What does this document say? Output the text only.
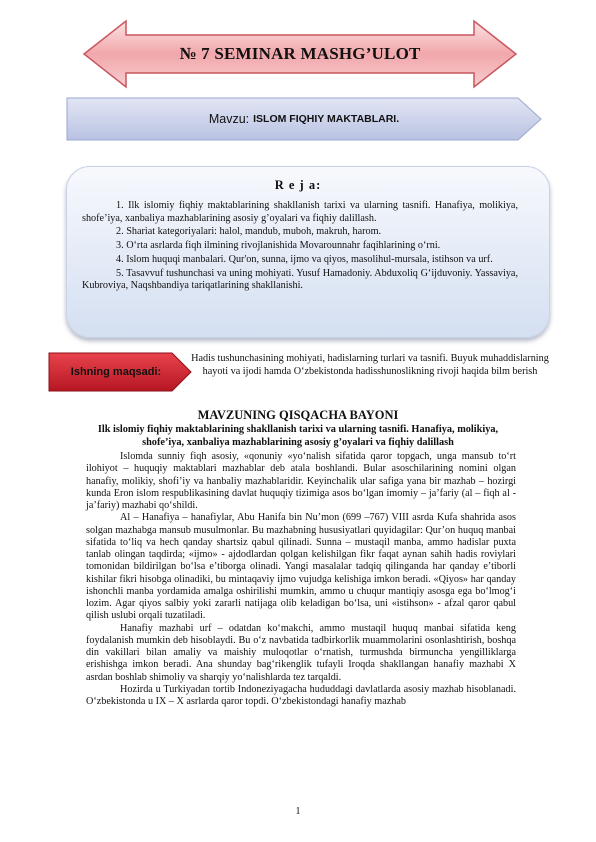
№ 7 SEMINAR MASHG’ULOT
Mavzu: ISLOM FIQHIY MAKTABLARI.
R e j a:

1. Ilk islomiy fiqhiy maktablarining shakllanish tarixi va ularning tasnifi. Hanafiya, molikiya, shofe’iya, xanbaliya mazhablarining asosiy g’oyalari va fiqhiy dalillash.

2. Shariat kategoriyalari: halol, mandub, muboh, makruh, harom.

3. O‘rta asrlarda fiqh ilmining rivojlanishida Movarounnahr faqihlarining o‘rni.

4. Islom huquqi manbalari. Qur'on, sunna, ijmo va qiyos, masolihul-mursala, istihson va urf.

5. Tasavvuf tushunchasi va uning mohiyati. Yusuf Hamadoniy. Abduxoliq G‘ijduvoniy. Yassaviya, Kubroviya, Naqshbandiya tariqatlarining shakllanishi.

Ishning maqsadi:
Hadis tushunchasining mohiyati, hadislarning turlari va tasnifi. Buyuk muhaddislarning hayoti va ijodi hamda O‘zbekistonda hadisshunoslikning rivoji haqida bilm berish
MAVZUNING QISQACHA BAYONI
Ilk islomiy fiqhiy maktablarining shakllanish tarixi va ularning tasnifi. Hanafiya, molikiya, shofe’iya, xanbaliya mazhablarining asosiy g’oyalari va fiqhiy dalillash

Islomda sunniy fiqh asosiy, «qonuniy «yo‘nalish sifatida qaror topgach, unga mansub to‘rt ilohiyot – huquqiy maktablari mazhablar deb atala boshlandi. Bular asoschilarining nomini olgan hanafiy, molikiy, shofi’iy va hanbaliy mazhablaridir. Keyinchalik ular safiga yana bir mazhab – hozirgi kunda Eron islom respublikasining davlat huquqiy tizimiga asos bo‘lgan imomiy – ja’fariy (al – fiqh al - ja’fariy) mazhabi qo‘shildi.

Al – Hanafiya – hanafiylar, Abu Hanifa bin Nu’mon (699 –767) VIII asrda Kufa shahrida asos solgan mazhabga mansub musulmonlar. Bu mazhabning hususiyatlari quyidagilar: Qur’on huquq manbai sifatida to‘liq va hech qanday shartsiz qabul qilinadi. Sunna – mustaqil manba, ammo hadislar puxta tanlab olingan taqdirda; «ijmo» - ajdodlardan qolgan kelishilgan fikr faqat aynan sahih hadis roviylari tomonidan bildirilgan bo‘lsa e’tiborga olinadi. Yangi masalalar tadqiq qilinganda har qanday e’tiborli kishilar fikri hisobga olinadiki, bu mintaqaviy ijmo vujudga kelishiga imkon beradi. «Qiyos» har qanday ishonchli manba yordamida amalga oshirilishi mumkin, ammo u chuqur mantiqiy asosga ega bo‘lmog‘i lozim. Agar qiyos salbiy yoki zararli natijaga olib keladigan bo‘lsa, uni «istihson» - afzal qaror qabul qilish uslubi orqali tuzatiladi.

Hanafiy mazhabi urf – odatdan ko‘makchi, ammo mustaqil huquq manbai sifatida keng foydalanish mumkin deb hisoblaydi. Bu o‘z navbatida tadbirkorlik muammolarini osonlashtirish, boshqa din vakillari bilan amaliy va maishiy muloqotlar o‘rnatish, turmushda birmuncha yengilliklarga erishishga imkon beradi. Ana shunday bag‘rikenglik tufayli Iroqda shakllangan hanafiy mazhabi X asrdan boshlab shimoliy va sharqiy yo‘nalishlarda tez tarqaldi.

Hozirda u Turkiyadan tortib Indoneziyagacha hududdagi davlatlarda asosiy mazhab hisoblanadi. O‘zbekistonda u IX – X asrlarda qaror topdi. O‘zbekistondagi hanafiy mazhab

1
